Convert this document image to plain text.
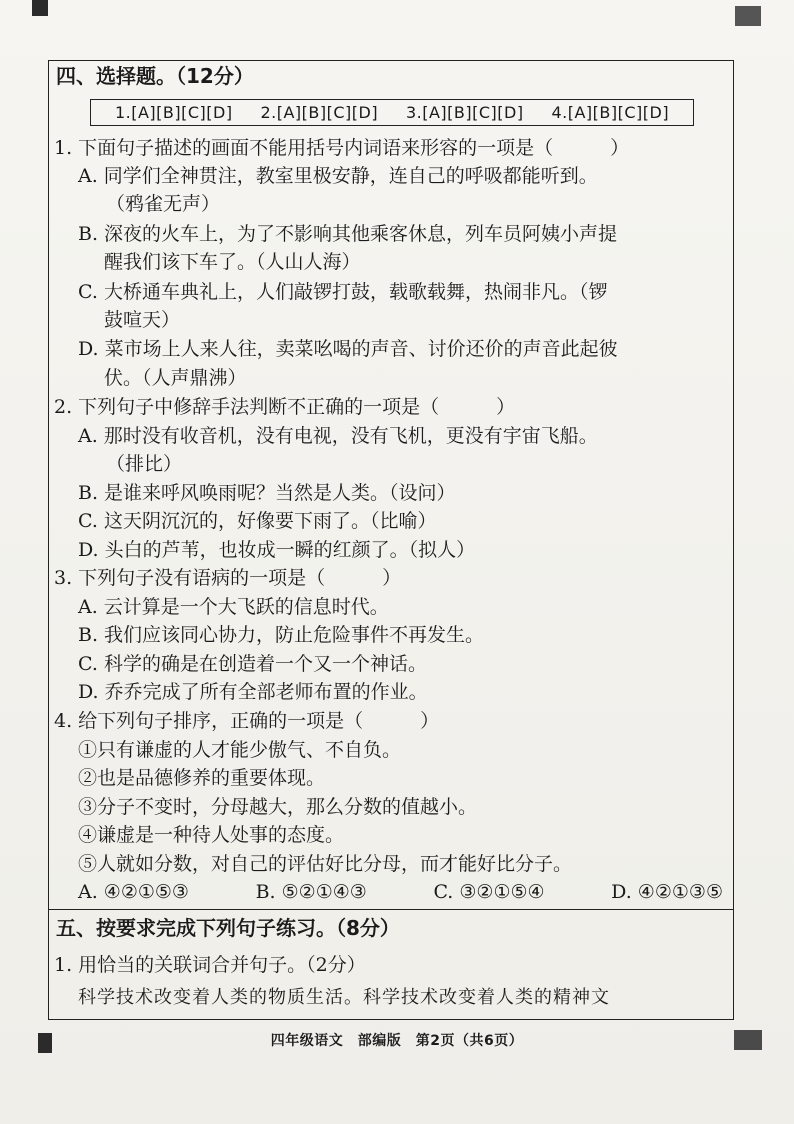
四、选择题。（12分）
1.[A][B][C][D] 2.[A][B][C][D] 3.[A][B][C][D] 4.[A][B][C][D]
1. 下面句子描述的画面不能用括号内词语来形容的一项是（　　　）
A. 同学们全神贯注，教室里极安静，连自己的呼吸都能听到。
（鸦雀无声）
B. 深夜的火车上，为了不影响其他乘客休息，列车员阿姨小声提
醒我们该下车了。（人山人海）
C. 大桥通车典礼上，人们敲锣打鼓，载歌载舞，热闹非凡。（锣
鼓喧天）
D. 菜市场上人来人往，卖菜吆喝的声音、讨价还价的声音此起彼
伏。（人声鼎沸）
2. 下列句子中修辞手法判断不正确的一项是（　　　）
A. 那时没有收音机，没有电视，没有飞机，更没有宇宙飞船。
（排比）
B. 是谁来呼风唤雨呢？当然是人类。（设问）
C. 这天阴沉沉的，好像要下雨了。（比喻）
D. 头白的芦苇，也妆成一瞬的红颜了。（拟人）
3. 下列句子没有语病的一项是（　　　）
A. 云计算是一个大飞跃的信息时代。
B. 我们应该同心协力，防止危险事件不再发生。
C. 科学的确是在创造着一个又一个神话。
D. 乔乔完成了所有全部老师布置的作业。
4. 给下列句子排序，正确的一项是（　　　）
①只有谦虚的人才能少傲气、不自负。
②也是品德修养的重要体现。
③分子不变时，分母越大，那么分数的值越小。
④谦虚是一种待人处事的态度。
⑤人就如分数，对自己的评估好比分母，而才能好比分子。
A. ④②①⑤③	B. ⑤②①④③	C. ③②①⑤④	D. ④②①③⑤
五、按要求完成下列句子练习。（8分）
1. 用恰当的关联词合并句子。（2分）
科学技术改变着人类的物质生活。科学技术改变着人类的精神文
四年级语文　部编版　第2页（共6页）
